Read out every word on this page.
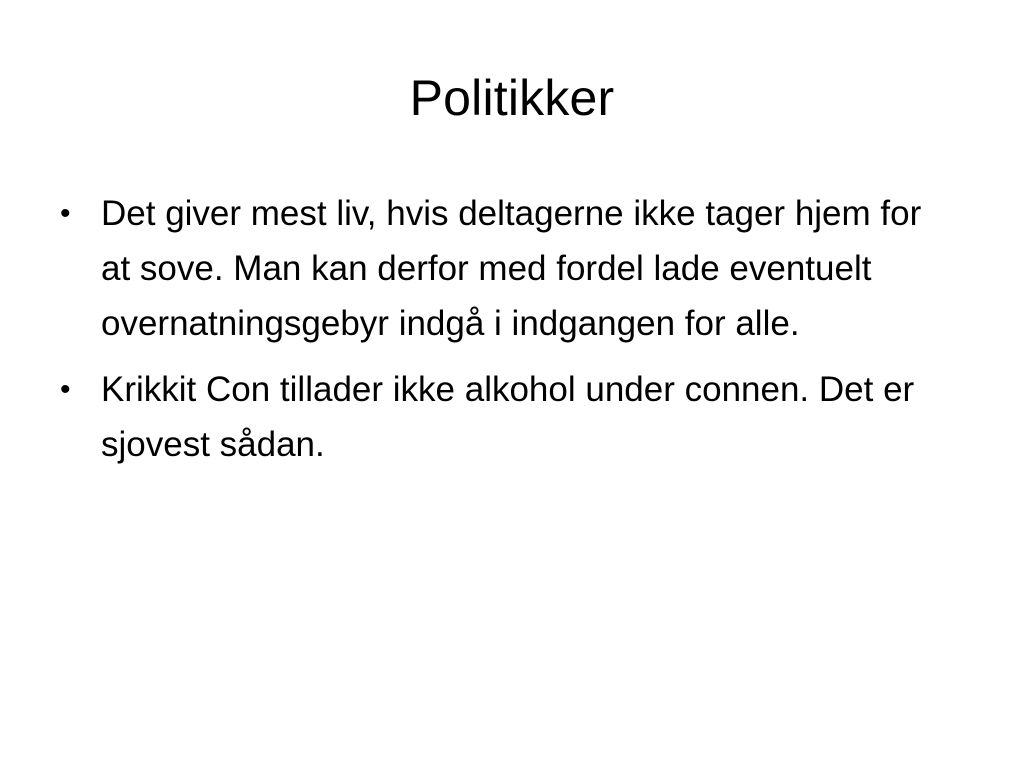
Politikker
• Det giver mest liv, hvis deltagerne ikke tager hjem for at sove. Man kan derfor med fordel lade eventuelt overnatningsgebyr indgå i indgangen for alle.
• Krikkit Con tillader ikke alkohol under connen. Det er sjovest sådan.
